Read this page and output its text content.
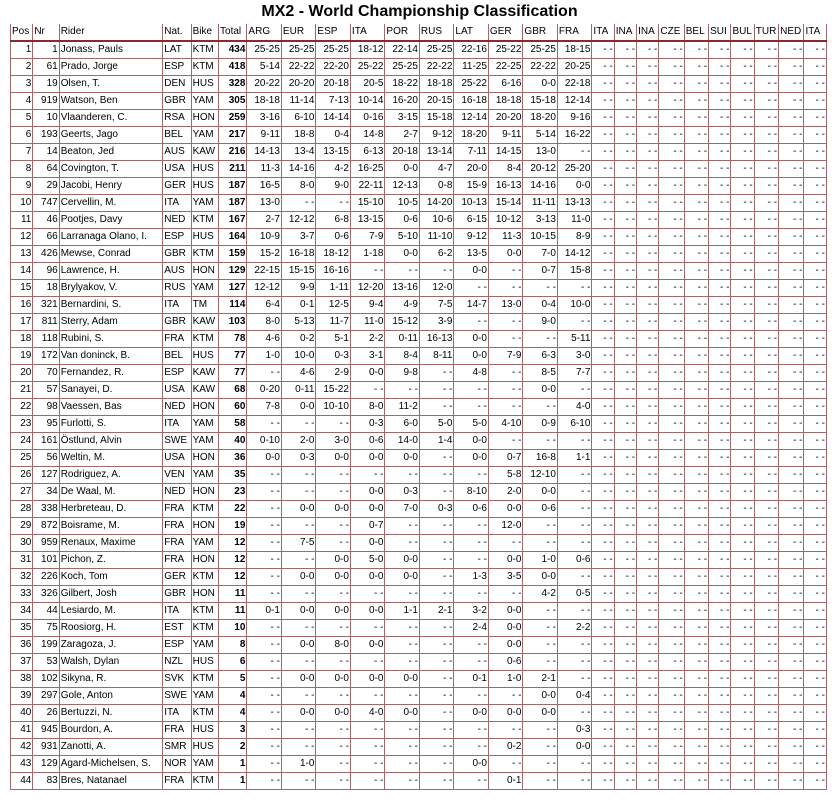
MX2 - World Championship Classification
Pos	Nr	Rider	Nat.	Bike	Total	ARG	EUR	ESP	ITA	POR	RUS	LAT	GER	GBR	FRA	ITA	INA	INA	CZE	BEL	SUI	BUL	TUR	NED	ITA
1	1	Jonass, Pauls	LAT	KTM	434	25-25	25-25	25-25	18-12	22-14	25-25	22-16	25-22	25-25	18-15	- -	- -	- -	- -	- -	- -	- -	- -	- -	- -
2	61	Prado, Jorge	ESP	KTM	418	5-14	22-22	22-20	25-22	25-25	22-22	11-25	22-25	22-22	20-25	- -	- -	- -	- -	- -	- -	- -	- -	- -	- -
3	19	Olsen, T.	DEN	HUS	328	20-22	20-20	20-18	20-5	18-22	18-18	25-22	6-16	0-0	22-18	- -	- -	- -	- -	- -	- -	- -	- -	- -	- -
4	919	Watson, Ben	GBR	YAM	305	18-18	11-14	7-13	10-14	16-20	20-15	16-18	18-18	15-18	12-14	- -	- -	- -	- -	- -	- -	- -	- -	- -	- -
5	10	Vlaanderen, C.	RSA	HON	259	3-16	6-10	14-14	0-16	3-15	15-18	12-14	20-20	18-20	9-16	- -	- -	- -	- -	- -	- -	- -	- -	- -	- -
6	193	Geerts, Jago	BEL	YAM	217	9-11	18-8	0-4	14-8	2-7	9-12	18-20	9-11	5-14	16-22	- -	- -	- -	- -	- -	- -	- -	- -	- -	- -
7	14	Beaton, Jed	AUS	KAW	216	14-13	13-4	13-15	6-13	20-18	13-14	7-11	14-15	13-0	- -	- -	- -	- -	- -	- -	- -	- -	- -	- -	- -
8	64	Covington, T.	USA	HUS	211	11-3	14-16	4-2	16-25	0-0	4-7	20-0	8-4	20-12	25-20	- -	- -	- -	- -	- -	- -	- -	- -	- -	- -
9	29	Jacobi, Henry	GER	HUS	187	16-5	8-0	9-0	22-11	12-13	0-8	15-9	16-13	14-16	0-0	- -	- -	- -	- -	- -	- -	- -	- -	- -	- -
10	747	Cervellin, M.	ITA	YAM	187	13-0	- -	- -	15-10	10-5	14-20	10-13	15-14	11-11	13-13	- -	- -	- -	- -	- -	- -	- -	- -	- -	- -
11	46	Pootjes, Davy	NED	KTM	167	2-7	12-12	6-8	13-15	0-6	10-6	6-15	10-12	3-13	11-0	- -	- -	- -	- -	- -	- -	- -	- -	- -	- -
12	66	Larranaga Olano, I.	ESP	HUS	164	10-9	3-7	0-6	7-9	5-10	11-10	9-12	11-3	10-15	8-9	- -	- -	- -	- -	- -	- -	- -	- -	- -	- -
13	426	Mewse, Conrad	GBR	KTM	159	15-2	16-18	18-12	1-18	0-0	6-2	13-5	0-0	7-0	14-12	- -	- -	- -	- -	- -	- -	- -	- -	- -	- -
14	96	Lawrence, H.	AUS	HON	129	22-15	15-15	16-16	- -	- -	- -	0-0	- -	0-7	15-8	- -	- -	- -	- -	- -	- -	- -	- -	- -	- -
15	18	Brylyakov, V.	RUS	YAM	127	12-12	9-9	1-11	12-20	13-16	12-0	- -	- -	- -	- -	- -	- -	- -	- -	- -	- -	- -	- -	- -	- -
16	321	Bernardini, S.	ITA	TM	114	6-4	0-1	12-5	9-4	4-9	7-5	14-7	13-0	0-4	10-0	- -	- -	- -	- -	- -	- -	- -	- -	- -	- -
17	811	Sterry, Adam	GBR	KAW	103	8-0	5-13	11-7	11-0	15-12	3-9	- -	- -	9-0	- -	- -	- -	- -	- -	- -	- -	- -	- -	- -	- -
18	118	Rubini, S.	FRA	KTM	78	4-6	0-2	5-1	2-2	0-11	16-13	0-0	- -	- -	5-11	- -	- -	- -	- -	- -	- -	- -	- -	- -	- -
19	172	Van doninck, B.	BEL	HUS	77	1-0	10-0	0-3	3-1	8-4	8-11	0-0	7-9	6-3	3-0	- -	- -	- -	- -	- -	- -	- -	- -	- -	- -
20	70	Fernandez, R.	ESP	KAW	77	- -	4-6	2-9	0-0	9-8	- -	4-8	- -	8-5	7-7	- -	- -	- -	- -	- -	- -	- -	- -	- -	- -
21	57	Sanayei, D.	USA	KAW	68	0-20	0-11	15-22	- -	- -	- -	- -	- -	0-0	- -	- -	- -	- -	- -	- -	- -	- -	- -	- -	- -
22	98	Vaessen, Bas	NED	HON	60	7-8	0-0	10-10	8-0	11-2	- -	- -	- -	- -	4-0	- -	- -	- -	- -	- -	- -	- -	- -	- -	- -
23	95	Furlotti, S.	ITA	YAM	58	- -	- -	- -	0-3	6-0	5-0	5-0	4-10	0-9	6-10	- -	- -	- -	- -	- -	- -	- -	- -	- -	- -
24	161	Östlund, Alvin	SWE	YAM	40	0-10	2-0	3-0	0-6	14-0	1-4	0-0	- -	- -	- -	- -	- -	- -	- -	- -	- -	- -	- -	- -	- -
25	56	Weltin, M.	USA	HON	36	0-0	0-3	0-0	0-0	0-0	- -	0-0	0-7	16-8	1-1	- -	- -	- -	- -	- -	- -	- -	- -	- -	- -
26	127	Rodriguez, A.	VEN	YAM	35	- -	- -	- -	- -	- -	- -	- -	5-8	12-10	- -	- -	- -	- -	- -	- -	- -	- -	- -	- -	- -
27	34	De Waal, M.	NED	HON	23	- -	- -	- -	0-0	0-3	- -	8-10	2-0	0-0	- -	- -	- -	- -	- -	- -	- -	- -	- -	- -	- -
28	338	Herbreteau, D.	FRA	KTM	22	- -	0-0	0-0	0-0	7-0	0-3	0-6	0-0	0-6	- -	- -	- -	- -	- -	- -	- -	- -	- -	- -	- -
29	872	Boisrame, M.	FRA	HON	19	- -	- -	- -	0-7	- -	- -	- -	12-0	- -	- -	- -	- -	- -	- -	- -	- -	- -	- -	- -	- -
30	959	Renaux, Maxime	FRA	YAM	12	- -	7-5	- -	0-0	- -	- -	- -	- -	- -	- -	- -	- -	- -	- -	- -	- -	- -	- -	- -	- -
31	101	Pichon, Z.	FRA	HON	12	- -	- -	0-0	5-0	0-0	- -	- -	0-0	1-0	0-6	- -	- -	- -	- -	- -	- -	- -	- -	- -	- -
32	226	Koch, Tom	GER	KTM	12	- -	0-0	0-0	0-0	0-0	- -	1-3	3-5	0-0	- -	- -	- -	- -	- -	- -	- -	- -	- -	- -	- -
33	326	Gilbert, Josh	GBR	HON	11	- -	- -	- -	- -	- -	- -	- -	- -	4-2	0-5	- -	- -	- -	- -	- -	- -	- -	- -	- -	- -
34	44	Lesiardo, M.	ITA	KTM	11	0-1	0-0	0-0	0-0	1-1	2-1	3-2	0-0	- -	- -	- -	- -	- -	- -	- -	- -	- -	- -	- -	- -
35	75	Roosiorg, H.	EST	KTM	10	- -	- -	- -	- -	- -	- -	2-4	0-0	- -	2-2	- -	- -	- -	- -	- -	- -	- -	- -	- -	- -
36	199	Zaragoza, J.	ESP	YAM	8	- -	0-0	8-0	0-0	- -	- -	- -	0-0	- -	- -	- -	- -	- -	- -	- -	- -	- -	- -	- -	- -
37	53	Walsh, Dylan	NZL	HUS	6	- -	- -	- -	- -	- -	- -	- -	0-6	- -	- -	- -	- -	- -	- -	- -	- -	- -	- -	- -	- -
38	102	Sikyna, R.	SVK	KTM	5	- -	0-0	0-0	0-0	0-0	- -	0-1	1-0	2-1	- -	- -	- -	- -	- -	- -	- -	- -	- -	- -	- -
39	297	Gole, Anton	SWE	YAM	4	- -	- -	- -	- -	- -	- -	- -	- -	0-0	0-4	- -	- -	- -	- -	- -	- -	- -	- -	- -	- -
40	26	Bertuzzi, N.	ITA	KTM	4	- -	0-0	0-0	4-0	0-0	- -	0-0	0-0	0-0	- -	- -	- -	- -	- -	- -	- -	- -	- -	- -	- -
41	945	Bourdon, A.	FRA	HUS	3	- -	- -	- -	- -	- -	- -	- -	- -	- -	0-3	- -	- -	- -	- -	- -	- -	- -	- -	- -	- -
42	931	Zanotti, A.	SMR	HUS	2	- -	- -	- -	- -	- -	- -	- -	0-2	- -	0-0	- -	- -	- -	- -	- -	- -	- -	- -	- -	- -
43	129	Agard-Michelsen, S.	NOR	YAM	1	- -	1-0	- -	- -	- -	- -	0-0	- -	- -	- -	- -	- -	- -	- -	- -	- -	- -	- -	- -	- -
44	83	Bres, Natanael	FRA	KTM	1	- -	- -	- -	- -	- -	- -	- -	0-1	- -	- -	- -	- -	- -	- -	- -	- -	- -	- -	- -	- -
